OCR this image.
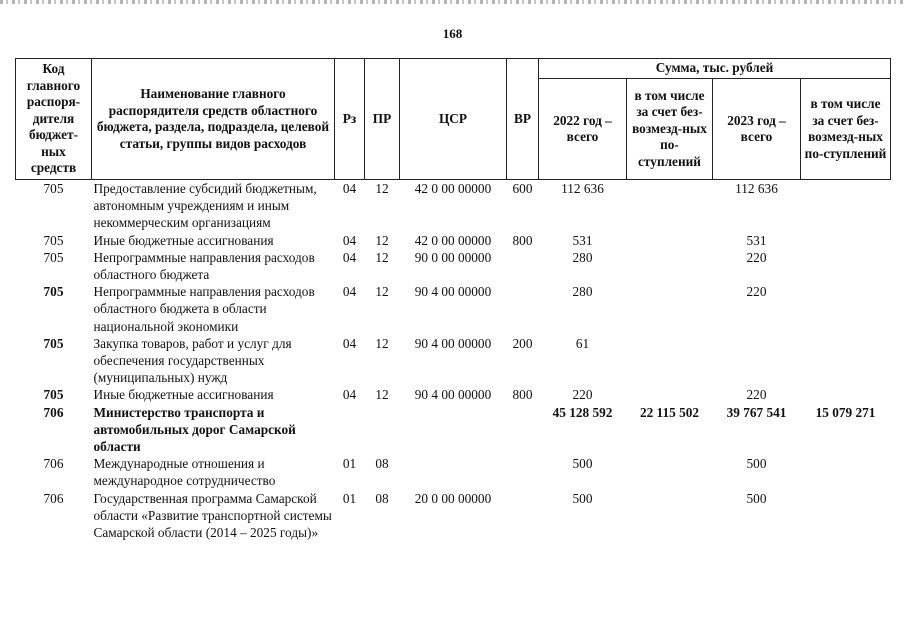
168
Код главного распоря-дителя бюджет-ных средств	Наименование главного распорядителя средств областного бюджета, раздела, подраздела, целевой статьи, группы видов расходов	Рз	ПР	ЦСР	ВР	Сумма, тыс. рублей			
						2022 год – всего	в том числе за счет без-возмезд-ных по-ступлений	2023 год – всего	в том числе за счет без-возмезд-ных по-ступлений
705	Предоставление субсидий бюджетным, автономным учреждениям и иным некоммерческим организациям	04	12	42 0 00 00000	600	112 636		112 636	
705	Иные бюджетные ассигнования	04	12	42 0 00 00000	800	531		531	
705	Непрограммные направления расходов областного бюджета	04	12	90 0 00 00000		280		220	
705	Непрограммные направления расходов областного бюджета в области национальной экономики	04	12	90 4 00 00000		280		220	
705	Закупка товаров, работ и услуг для обеспечения государственных (муниципальных) нужд	04	12	90 4 00 00000	200	61			
705	Иные бюджетные ассигнования	04	12	90 4 00 00000	800	220		220	
706	Министерство транспорта и автомобильных дорог Самарской области					45 128 592	22 115 502	39 767 541	15 079 271
706	Международные отношения и международное сотрудничество	01	08			500		500	
706	Государственная программа Самарской области «Развитие транспортной системы Самарской области (2014 – 2025 годы)»	01	08	20 0 00 00000		500		500	
